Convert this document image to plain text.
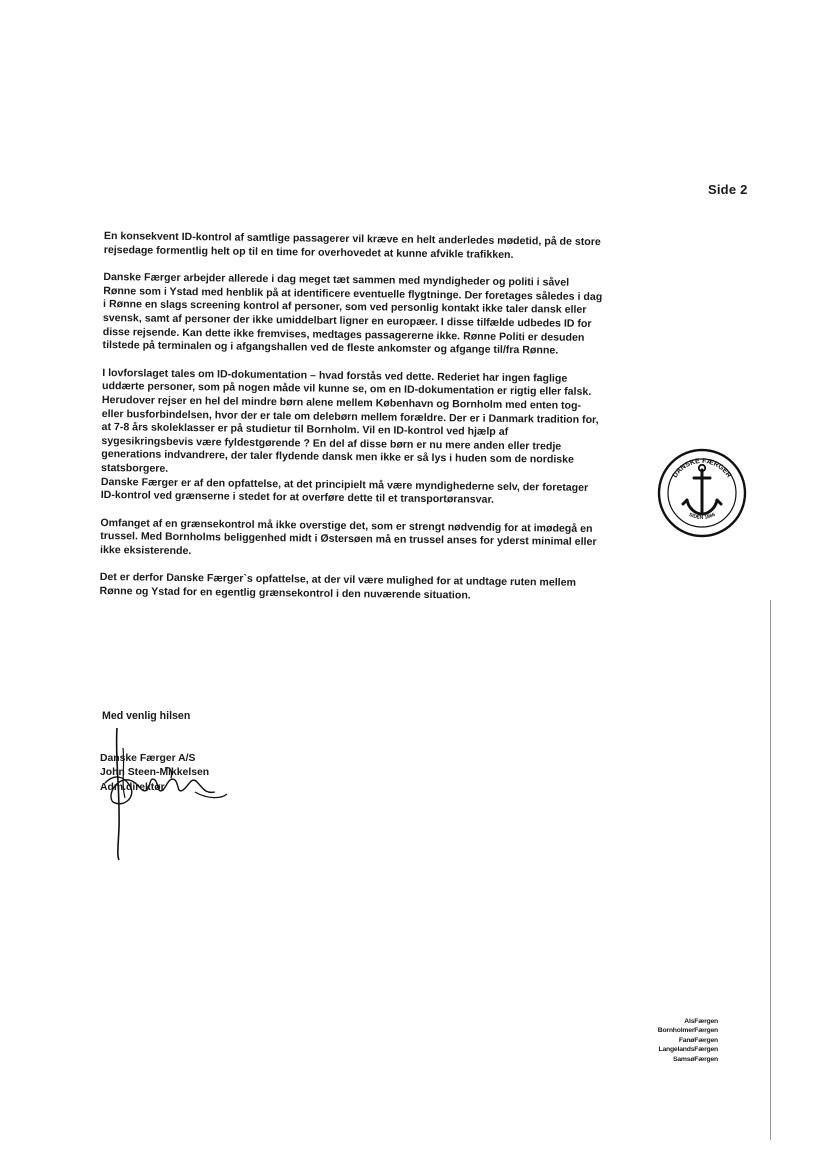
Side 2

En konsekvent ID-kontrol af samtlige passagerer vil kræve en helt anderledes mødetid, på de store rejsedage formentlig helt op til en time for overhovedet at kunne afvikle trafikken.

Danske Færger arbejder allerede i dag meget tæt sammen med myndigheder og politi i såvel Rønne som i Ystad med henblik på at identificere eventuelle flygtninge. Der foretages således i dag i Rønne en slags screening kontrol af personer, som ved personlig kontakt ikke taler dansk eller svensk, samt af personer der ikke umiddelbart ligner en europæer. I disse tilfælde udbedes ID for disse rejsende. Kan dette ikke fremvises, medtages passagererne ikke. Rønne Politi er desuden tilstede på terminalen og i afgangshallen ved de fleste ankomster og afgange til/fra Rønne.

I lovforslaget tales om ID-dokumentation – hvad forstås ved dette. Rederiet har ingen faglige uddærte personer, som på nogen måde vil kunne se, om en ID-dokumentation er rigtig eller falsk.

Herudover rejser en hel del mindre børn alene mellem København og Bornholm med enten tog- eller busforbindelsen, hvor der er tale om delebørn mellem forældre. Der er i Danmark tradition for, at 7-8 års skoleklasser er på studietur til Bornholm. Vil en ID-kontrol ved hjælp af sygesikringsbevis være fyldestgørende ? En del af disse børn er nu mere anden eller tredje generations indvandrere, der taler flydende dansk men ikke er så lys i huden som de nordiske statsborgere.

Danske Færger er af den opfattelse, at det principielt må være myndighederne selv, der foretager ID-kontrol ved grænserne i stedet for at overføre dette til et transportøransvar.

Omfanget af en grænsekontrol må ikke overstige det, som er strengt nødvendig for at imødegå en trussel. Med Bornholms beliggenhed midt i Østersøen må en trussel anses for yderst minimal eller ikke eksisterende.

Det er derfor Danske Færger`s opfattelse, at der vil være mulighed for at undtage ruten mellem Rønne og Ystad for en egentlig grænsekontrol i den nuværende situation.

Med venlig hilsen
Danske Færger A/S
John Steen-Mikkelsen
Adm.direktør
DANSKE FÆRGER
SIDEN 1866
AlsFærgen
BornholmerFærgen
FanøFærgen
LangelandsFærgen
SamsøFærgen
